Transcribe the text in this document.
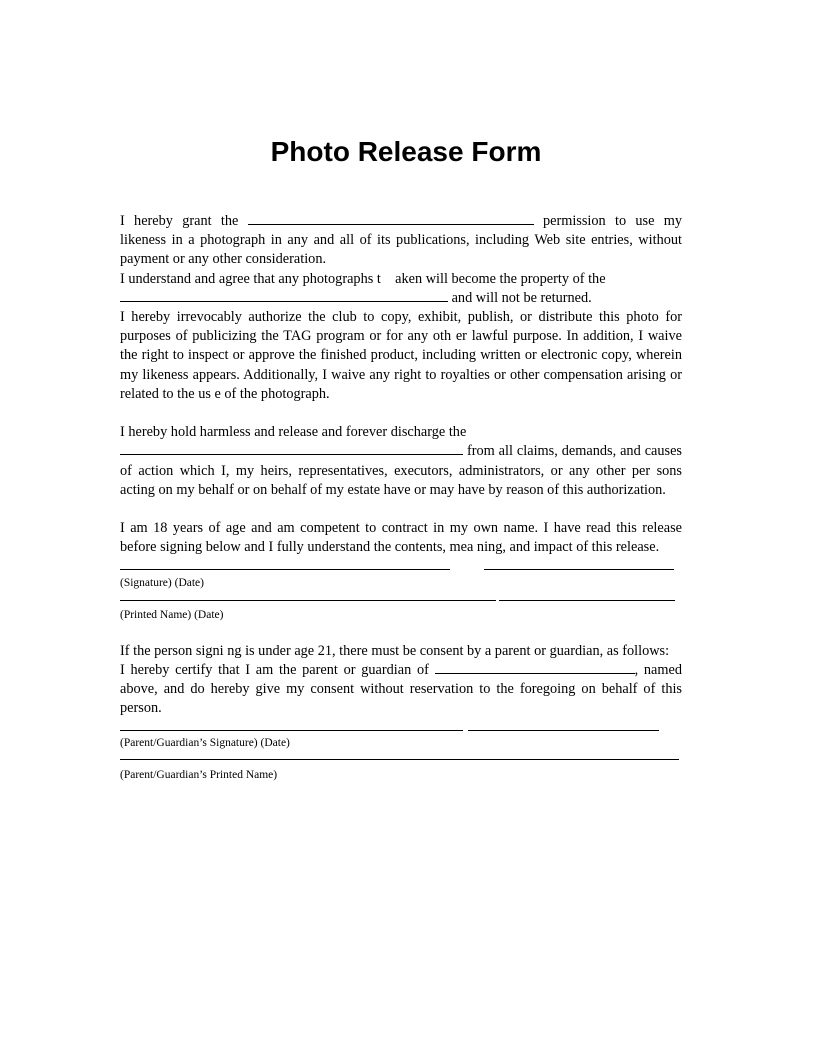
Photo Release Form
I hereby grant the	permission to use my likeness in a photograph in any and all of its publications, including Web site entries, without payment or any other consideration.
I understand and agree that any photographs t    aken will become the property of the
and will not be returned.
I hereby irrevocably authorize the club to copy, exhibit, publish, or distribute this photo for purposes of publicizing the TAG program or for any oth er lawful purpose. In addition, I waive the right to inspect or approve the finished product, including written or electronic copy, wherein my likeness appears. Additionally, I waive any right to royalties or other compensation arising or related to the us e of the photograph.
I hereby hold harmless and release and forever discharge the
from all claims, demands, and causes of action which I, my heirs, representatives, executors, administrators, or any other per sons acting on my behalf or on behalf of my estate have or may have by reason of this authorization.
I am 18 years of age and am competent to contract in my own name. I have read this release before signing below and I fully understand the contents, mea ning, and impact of this release.
(Signature) (Date)
(Printed Name) (Date)
If the person signi ng is under age 21, there must be consent by a parent or guardian, as follows:
I hereby certify that I am the parent or guardian of	, named above, and do hereby give my consent without reservation to the foregoing on behalf of this person.
(Parent/Guardian’s Signature) (Date)
(Parent/Guardian’s Printed Name)
